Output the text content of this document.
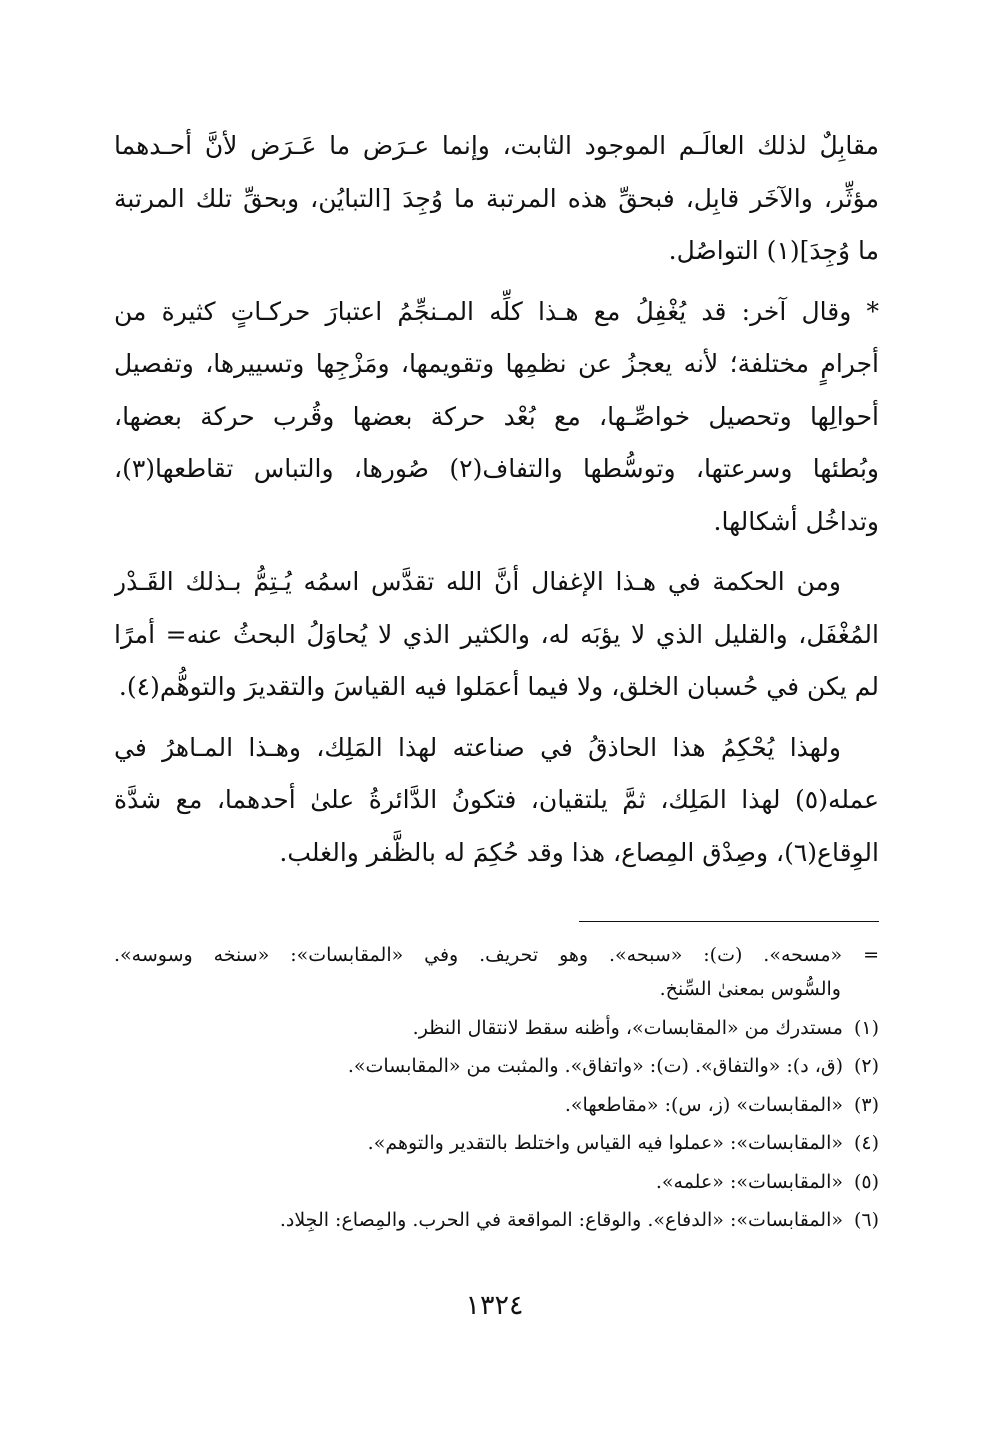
مقابِلٌ لذلك العالَـم الموجود الثابت، وإنما عـرَض ما عَـرَض لأنَّ أحـدهما
مؤثِّر، والآخَر قابِل، فبحقِّ هذه المرتبة ما وُجِدَ [التبايُن، وبحقِّ تلك المرتبة
ما وُجِدَ](١) التواصُل.
* وقال آخر: قد يُغْفِلُ مع هـذا كلِّه المـنجِّمُ اعتبارَ حركـاتٍ كثيرة من
أجرامٍ مختلفة؛ لأنه يعجزُ عن نظمِها وتقويمها، ومَزْجِها وتسييرها، وتفصيل
أحوالِها وتحصيل خواصِّـها، مع بُعْد حركة بعضها وقُرب حركة بعضها،
وبُطئها وسرعتها، وتوسُّطها والتفاف(٢) صُورها، والتباس تقاطعها(٣)،
وتداخُل أشكالها.
ومن الحكمة في هـذا الإغفال أنَّ الله تقدَّس اسمُه يُـتِمُّ بـذلك القَـدْر
المُغْفَل، والقليل الذي لا يؤبَه له، والكثير الذي لا يُحاوَلُ البحثُ عنه= أمرًا
لم يكن في حُسبان الخلق، ولا فيما أعمَلوا فيه القياسَ والتقديرَ والتوهُّم(٤).
ولهذا يُحْكِمُ هذا الحاذقُ في صناعته لهذا المَلِك، وهـذا المـاهرُ في
عمله(٥) لهذا المَلِك، ثمَّ يلتقيان، فتكونُ الدَّائرةُ علىٰ أحدهما، مع شدَّة
الوِقاع(٦)، وصِدْق المِصاع، هذا وقد حُكِمَ له بالظَّفر والغلب.
= «مسحه». (ت): «سبحه». وهو تحريف. وفي «المقابسات»: «سنخه وسوسه».
والسُّوس بمعنىٰ السِّنخ.
(١)مستدرك من «المقابسات»، وأظنه سقط لانتقال النظر.
(٢)(ق، د): «والتفاق». (ت): «واتفاق». والمثبت من «المقابسات».
(٣)«المقابسات» (ز، س): «مقاطعها».
(٤)«المقابسات»: «عملوا فيه القياس واختلط بالتقدير والتوهم».
(٥)«المقابسات»: «علمه».
(٦)«المقابسات»: «الدفاع». والوقاع: المواقعة في الحرب. والمِصاع: الجِلاد.
١٣٢٤
